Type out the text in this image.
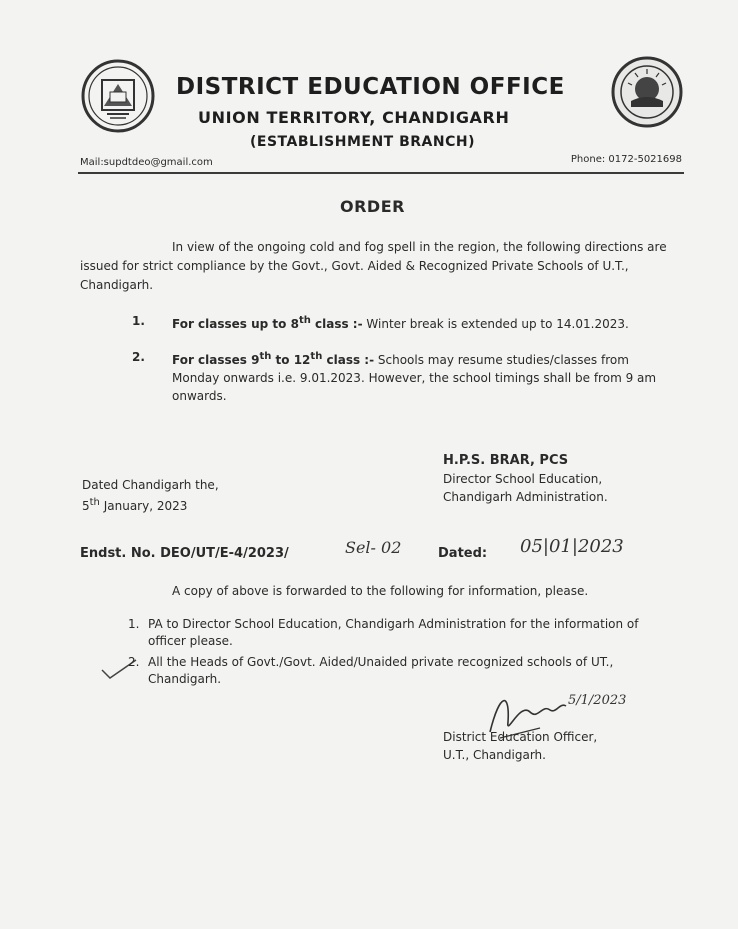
DISTRICT EDUCATION OFFICE
UNION TERRITORY, CHANDIGARH
(ESTABLISHMENT BRANCH)
Mail:supdtdeo@gmail.com	Phone: 0172-5021698
ORDER
In view of the ongoing cold and fog spell in the region, the following directions are issued for strict compliance by the Govt., Govt. Aided & Recognized Private Schools of U.T., Chandigarh.
1. For classes up to 8th class :- Winter break is extended up to 14.01.2023.
2. For classes 9th to 12th class :- Schools may resume studies/classes from Monday onwards i.e. 9.01.2023. However, the school timings shall be from 9 am onwards.
H.P.S. BRAR, PCS
Director School Education,
Chandigarh Administration.
Dated Chandigarh the,
5th January, 2023
Endst. No. DEO/UT/E-4/2023/	Sel- 02	Dated: 05|01|2023
A copy of above is forwarded to the following for information, please.
1. PA to Director School Education, Chandigarh Administration for the information of officer please.
2. All the Heads of Govt./Govt. Aided/Unaided private recognized schools of UT., Chandigarh.
5/1/2023
District Education Officer,
U.T., Chandigarh.
